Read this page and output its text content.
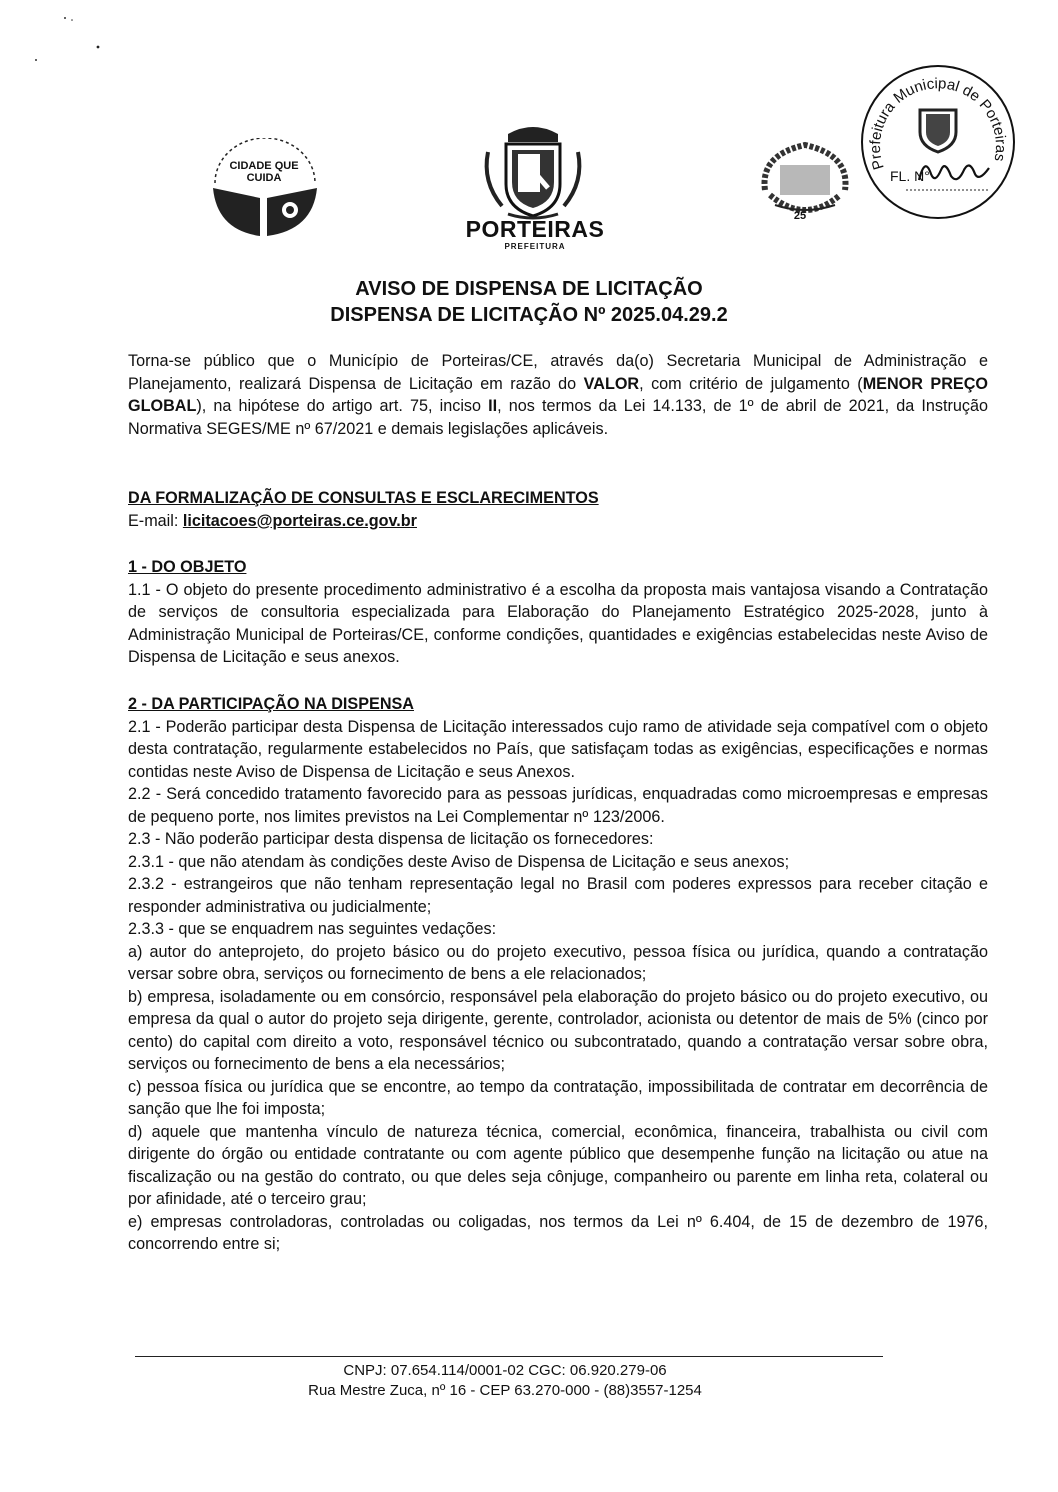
CIDADE QUE CUIDA
PORTEIRAS
PREFEITURA
25
Prefeitura Municipal de Porteiras
FL. N°
AVISO DE DISPENSA DE LICITAÇÃO
DISPENSA DE LICITAÇÃO Nº 2025.04.29.2

Torna-se público que o Município de Porteiras/CE, através da(o) Secretaria Municipal de Administração e Planejamento, realizará Dispensa de Licitação em razão do VALOR, com critério de julgamento (MENOR PREÇO GLOBAL), na hipótese do artigo art. 75, inciso II, nos termos da Lei 14.133, de 1º de abril de 2021, da Instrução Normativa SEGES/ME nº 67/2021 e demais legislações aplicáveis.

DA FORMALIZAÇÃO DE CONSULTAS E ESCLARECIMENTOS

E-mail: licitacoes@porteiras.ce.gov.br

1 - DO OBJETO

1.1 - O objeto do presente procedimento administrativo é a escolha da proposta mais vantajosa visando a Contratação de serviços de consultoria especializada para Elaboração do Planejamento Estratégico 2025-2028, junto à Administração Municipal de Porteiras/CE, conforme condições, quantidades e exigências estabelecidas neste Aviso de Dispensa de Licitação e seus anexos.

2 - DA PARTICIPAÇÃO NA DISPENSA

2.1 - Poderão participar desta Dispensa de Licitação interessados cujo ramo de atividade seja compatível com o objeto desta contratação, regularmente estabelecidos no País, que satisfaçam todas as exigências, especificações e normas contidas neste Aviso de Dispensa de Licitação e seus Anexos.

2.2 - Será concedido tratamento favorecido para as pessoas jurídicas, enquadradas como microempresas e empresas de pequeno porte, nos limites previstos na Lei Complementar nº 123/2006.

2.3 - Não poderão participar desta dispensa de licitação os fornecedores:

2.3.1 - que não atendam às condições deste Aviso de Dispensa de Licitação e seus anexos;

2.3.2 - estrangeiros que não tenham representação legal no Brasil com poderes expressos para receber citação e responder administrativa ou judicialmente;

2.3.3 - que se enquadrem nas seguintes vedações:

a) autor do anteprojeto, do projeto básico ou do projeto executivo, pessoa física ou jurídica, quando a contratação versar sobre obra, serviços ou fornecimento de bens a ele relacionados;

b) empresa, isoladamente ou em consórcio, responsável pela elaboração do projeto básico ou do projeto executivo, ou empresa da qual o autor do projeto seja dirigente, gerente, controlador, acionista ou detentor de mais de 5% (cinco por cento) do capital com direito a voto, responsável técnico ou subcontratado, quando a contratação versar sobre obra, serviços ou fornecimento de bens a ela necessários;

c) pessoa física ou jurídica que se encontre, ao tempo da contratação, impossibilitada de contratar em decorrência de sanção que lhe foi imposta;

d) aquele que mantenha vínculo de natureza técnica, comercial, econômica, financeira, trabalhista ou civil com dirigente do órgão ou entidade contratante ou com agente público que desempenhe função na licitação ou atue na fiscalização ou na gestão do contrato, ou que deles seja cônjuge, companheiro ou parente em linha reta, colateral ou por afinidade, até o terceiro grau;

e) empresas controladoras, controladas ou coligadas, nos termos da Lei nº 6.404, de 15 de dezembro de 1976, concorrendo entre si;

CNPJ: 07.654.114/0001-02 CGC: 06.920.279-06
Rua Mestre Zuca, nº 16 - CEP 63.270-000 - (88)3557-1254
